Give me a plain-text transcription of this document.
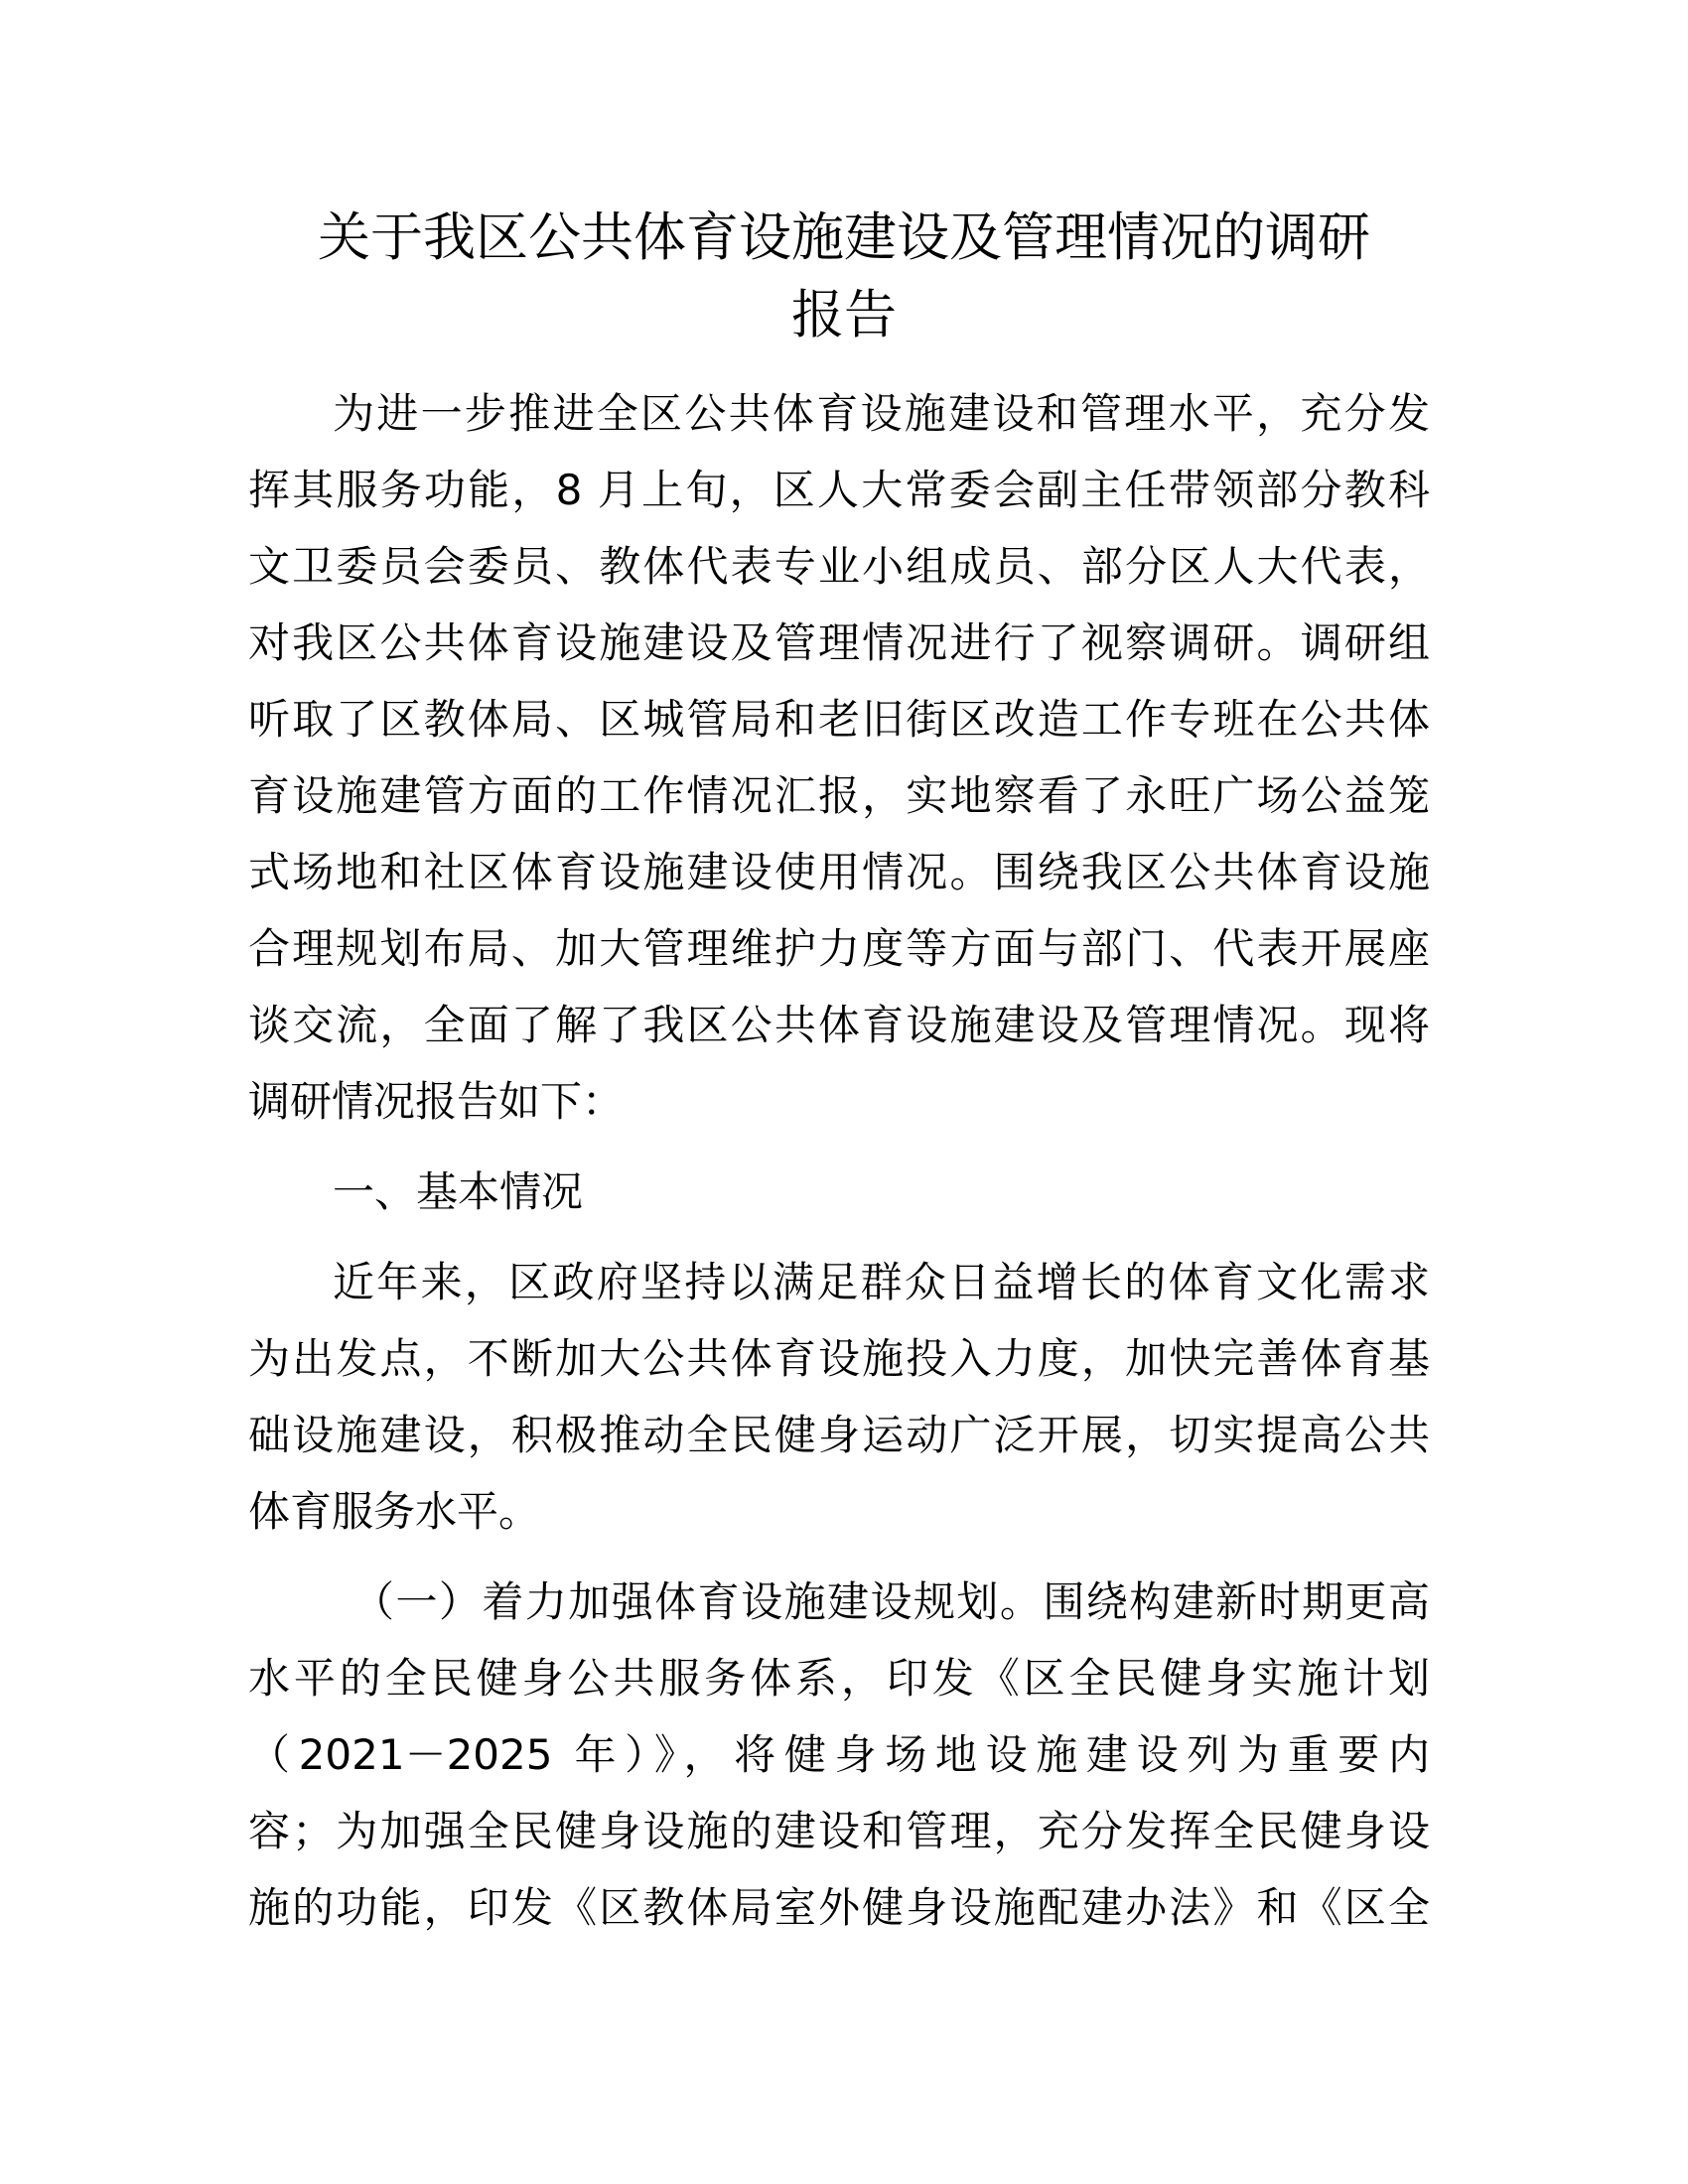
关于我区公共体育设施建设及管理情况的调研
报告
为进一步推进全区公共体育设施建设和管理水平，充分发
挥其服务功能，8 月上旬，区人大常委会副主任带领部分教科
文卫委员会委员、教体代表专业小组成员、部分区人大代表，
对我区公共体育设施建设及管理情况进行了视察调研。调研组
听取了区教体局、区城管局和老旧街区改造工作专班在公共体
育设施建管方面的工作情况汇报，实地察看了永旺广场公益笼
式场地和社区体育设施建设使用情况。围绕我区公共体育设施
合理规划布局、加大管理维护力度等方面与部门、代表开展座
谈交流，全面了解了我区公共体育设施建设及管理情况。现将
调研情况报告如下：
一、基本情况
近年来，区政府坚持以满足群众日益增长的体育文化需求
为出发点，不断加大公共体育设施投入力度，加快完善体育基
础设施建设，积极推动全民健身运动广泛开展，切实提高公共
体育服务水平。
（一）着力加强体育设施建设规划。围绕构建新时期更高
水平的全民健身公共服务体系，印发《区全民健身实施计划
（2021－2025 年）》，将健身场地设施建设列为重要内
容；为加强全民健身设施的建设和管理，充分发挥全民健身设
施的功能，印发《区教体局室外健身设施配建办法》和《区全
